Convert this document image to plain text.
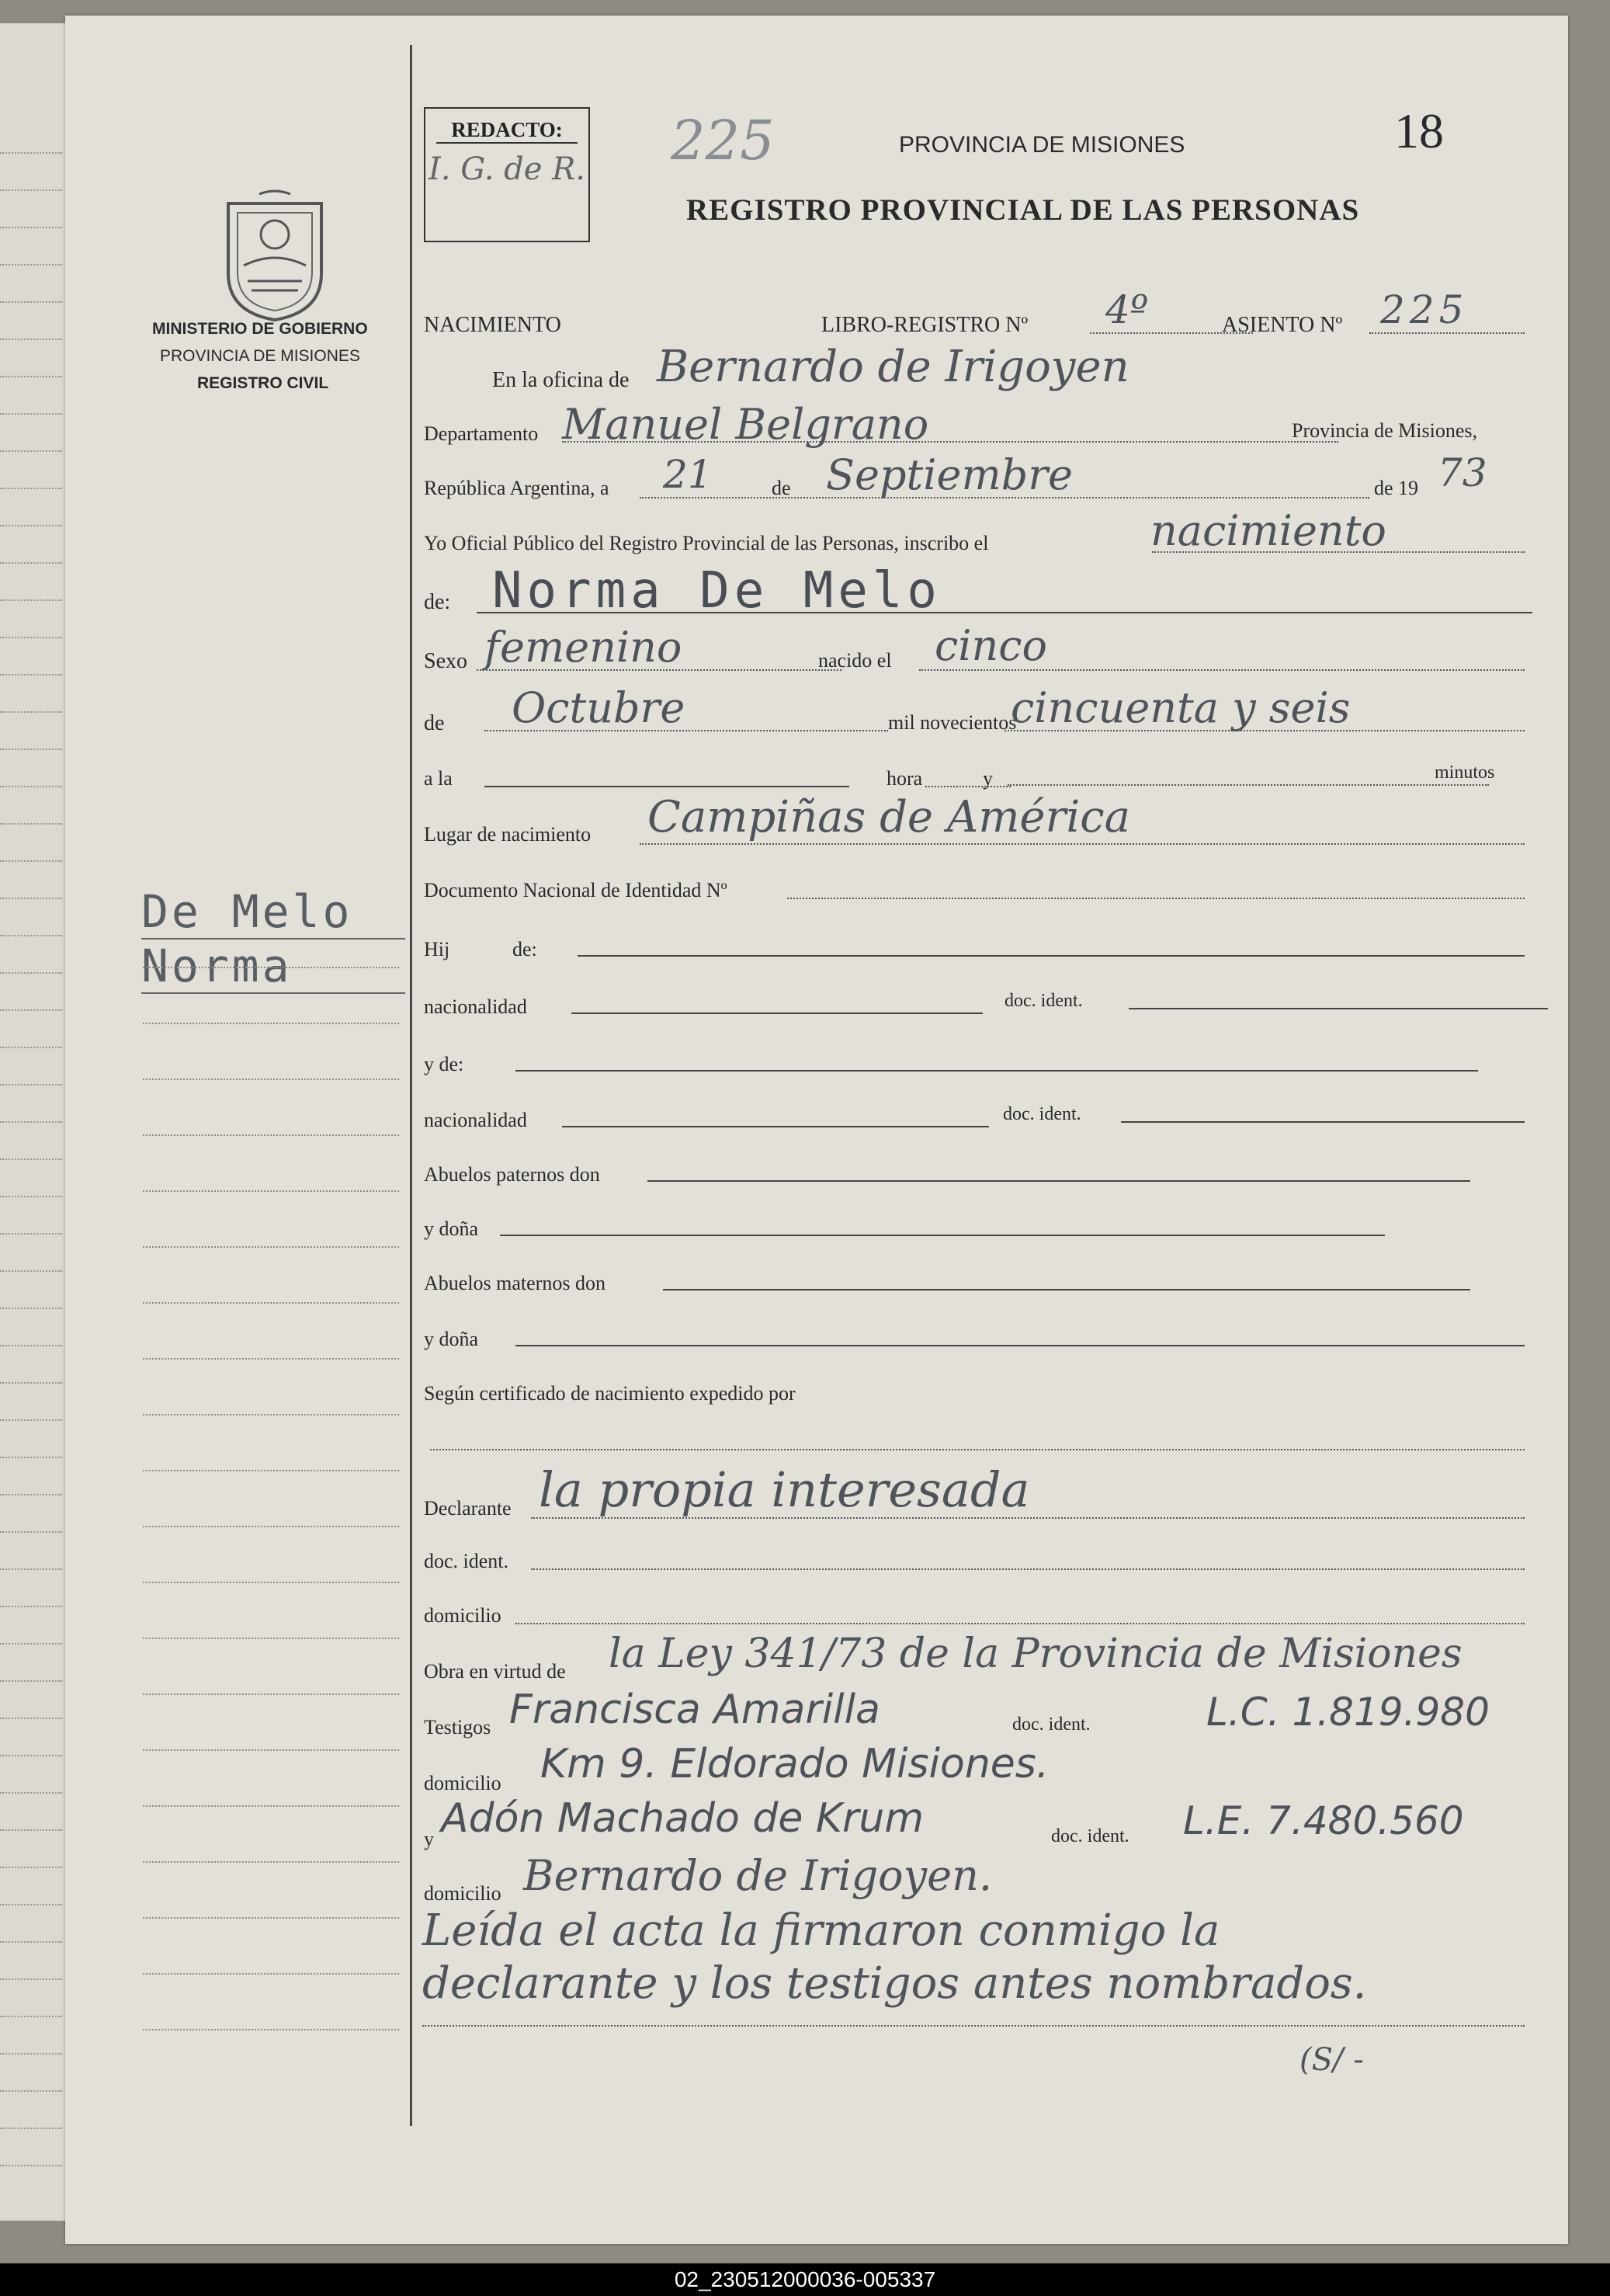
MINISTERIO DE GOBIERNO
PROVINCIA DE MISIONES
REGISTRO CIVIL
De Melo
Norma
REDACTO:
I. G. de R. 225	PROVINCIA DE MISIONES
REGISTRO PROVINCIAL DE LAS PERSONAS
18
NACIMIENTO	LIBRO-REGISTRO Nº 4º	ASIENTO Nº 225
En la oficina de Bernardo de Irigoyen
Departamento Manuel Belgrano	Provincia de Misiones,
República Argentina, a 21	de Septiembre	de 19 73
Yo Oficial Público del Registro Provincial de las Personas, inscribo el	nacimiento
de: Norma De Melo
Sexo femenino	nacido el cinco
de Octubre	mil novecientos
cincuenta y seis
a la	hora	y	minutos
Lugar de nacimiento Campiñas de América
Documento Nacional de Identidad Nº
Hij	de:
nacionalidad	doc. ident.
y de:
nacionalidad	doc. ident.
Abuelos paternos don
y doña
Abuelos maternos don
y doña
Según certificado de nacimiento expedido por
Declarante la propia interesada
doc. ident.
domicilio
Obra en virtud de la Ley 341/73 de la Provincia de Misiones
Testigos Francisca Amarilla	doc. ident.	L.C. 1.819.980
domicilio Km 9. Eldorado Misiones.
y Adón Machado de Krum	doc. ident. L.E. 7.480.560
domicilio Bernardo de Irigoyen.
Leída el acta la firmaron conmigo la
declarante y los testigos antes nombrados.
(S/ -
02_230512000036-005337
